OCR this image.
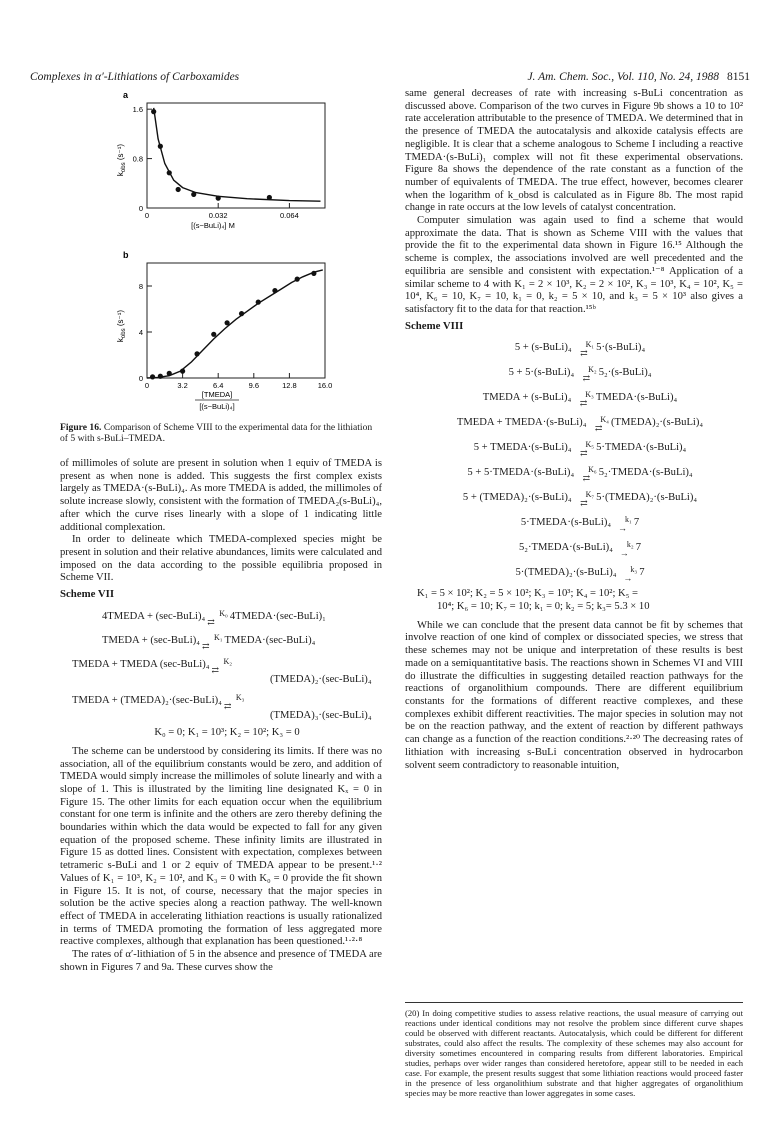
Complexes in α′-Lithiations of Carboxamides	J. Am. Chem. Soc., Vol. 110, No. 24, 1988 8151
a
0
0.8
1.6
0	0.032	0.064
$k_{obs}$ (s⁻¹)
[(s−BuLi)₄] M
b
0
4
8
0	3.2	6.4	9.6	12.8	16.0
$k_{obs}$ (s⁻¹)
[TMEDA]
[(s−BuLi)₄]
Figure 16. Comparison of Scheme VIII to the experimental data for the lithiation of 5 with s-BuLi–TMEDA.

of millimoles of solute are present in solution when 1 equiv of TMEDA is present as when none is added. This suggests the first complex exists largely as TMEDA·(s-BuLi)₄. As more TMEDA is added, the millimoles of solute increase slowly, consistent with the formation of TMEDA₂(s-BuLi)₄, after which the curve rises linearly with a slope of 1 indicating little additional complexation.

In order to delineate which TMEDA-complexed species might be present in solution and their relative abundances, limits were calculated and imposed on the data according to the possible equilibria proposed in Scheme VII.

Scheme VII

4TMEDA + (sec-BuLi)₄ K₀
⇄4TMEDA·(sec-BuLi)₁

TMEDA + (sec-BuLi)₄ K₁
⇄TMEDA·(sec-BuLi)₄

TMEDA + TMEDA (sec-BuLi)₄ K₂
⇄

(TMEDA)₂·(sec-BuLi)₄

TMEDA + (TMEDA)₂·(sec-BuLi)₄ K₃
⇄

(TMEDA)₃·(sec-BuLi)₄

K₀ = 0; K₁ = 10³; K₂ = 10²; K₃ = 0

The scheme can be understood by considering its limits. If there was no association, all of the equilibrium constants would be zero, and addition of TMEDA would simply increase the millimoles of solute linearly and with a slope of 1. This is illustrated by the limiting line designated Kₓ = 0 in Figure 15. The other limits for each equation occur when the equilibrium constant for one term is infinite and the others are zero thereby defining the boundaries within which the data would be expected to fall for any given equation of the proposed scheme. These infinity limits are illustrated in Figure 15 as dotted lines. Consistent with expectation, complexes between tetrameric s-BuLi and 1 or 2 equiv of TMEDA appear to be present.¹·² Values of K₁ = 10³, K₂ = 10², and K₃ = 0 with K₀ = 0 provide the fit shown in Figure 15. It is not, of course, necessary that the major species in solution be the active species along a reaction pathway. The well-known effect of TMEDA in accelerating lithiation reactions is usually rationalized in terms of TMEDA promoting the formation of less aggregated more reactive complexes, although that explanation has been questioned.¹·²·⁸

The rates of α′-lithiation of 5 in the absence and presence of TMEDA are shown in Figures 7 and 9a. These curves show the

same general decreases of rate with increasing s-BuLi concentration as discussed above. Comparison of the two curves in Figure 9b shows a 10 to 10² rate acceleration attributable to the presence of TMEDA. We determined that in the presence of TMEDA the autocatalysis and alkoxide catalysis effects are negligible. It is clear that a scheme analogous to Scheme I including a reactive TMEDA·(s-BuLi)₁ complex will not fit these experimental observations. Figure 8a shows the dependence of the rate constant as a function of the number of equivalents of TMEDA. The true effect, however, becomes clearer when the logarithm of k_obsd is calculated as in Figure 8b. The most rapid change in rate occurs at the low levels of catalyst concentration.

Computer simulation was again used to find a scheme that would approximate the data. That is shown as Scheme VIII with the values that provide the fit to the experimental data shown in Figure 16.¹⁵ Although the scheme is complex, the associations involved are well precedented and the equilibria are sensible and consistent with expectation.¹⁻⁸ Application of a similar scheme to 4 with K₁ = 2 × 10³, K₂ = 2 × 10², K₃ = 10³, K₄ = 10², K₅ = 10⁴, K₆ = 10, K₇ = 10, k₁ = 0, k₂ = 5 × 10, and k₃ = 5 × 10³ also gives a satisfactory fit to the data for that reaction.¹⁵ᵇ

Scheme VIII

5 + (s-BuLi)₄ K₁
⇄5·(s-BuLi)₄

5 + 5·(s-BuLi)₄ K₂
⇄5₂·(s-BuLi)₄

TMEDA + (s-BuLi)₄ K₃
⇄TMEDA·(s-BuLi)₄

TMEDA + TMEDA·(s-BuLi)₄ K₄
⇄(TMEDA)₂·(s-BuLi)₄

5 + TMEDA·(s-BuLi)₄ K₅
⇄5·TMEDA·(s-BuLi)₄

5 + 5·TMEDA·(s-BuLi)₄ K₆
⇄5₂·TMEDA·(s-BuLi)₄

5 + (TMEDA)₂·(s-BuLi)₄ K₇
⇄5·(TMEDA)₂·(s-BuLi)₄

5·TMEDA·(s-BuLi)₄ k₁
→7

5₂·TMEDA·(s-BuLi)₄ k₂
→7

5·(TMEDA)₂·(s-BuLi)₄ k₃
→7

K₁ = 5 × 10²; K₂ = 5 × 10²; K₃ = 10³; K₄ = 10²; K₅ =

10⁴; K₆ = 10; K₇ = 10; k₁ = 0; k₂ = 5; k₃= 5.3 × 10

While we can conclude that the present data cannot be fit by schemes that involve reaction of one kind of complex or dissociated species, we stress that these schemes may not be unique and interpretation of these results is best made on a semiquantitative basis. The reactions shown in Schemes VI and VIII do illustrate the difficulties in suggesting detailed reaction pathways for the reactions of organolithium compounds. There are different equilibrium constants for the formations of different reactive complexes, and these complexes exhibit different reactivities. The major species in solution may not be on the reaction pathway, and the extent of reaction by different pathways can change as a function of the reaction conditions.²·²⁰ The decreasing rates of lithiation with increasing s-BuLi concentration observed in hydrocarbon solvent seem contradictory to reasonable intuition,

(20) In doing competitive studies to assess relative reactions, the usual measure of carrying out reactions under identical conditions may not resolve the problem since different curve shapes could be observed with different reactants. Autocatalysis, which could be different for different substrates, could also affect the results. The complexity of these schemes may also account for diversity sometimes encountered in comparing results from different laboratories. Empirical studies, perhaps over wider ranges than considered heretofore, appear still to be needed in each case. For example, the present results suggest that some lithiation reactions would proceed faster in the presence of less organolithium substrate and that higher aggregates of organolithium species may be more reactive than lower aggregates in some cases.
